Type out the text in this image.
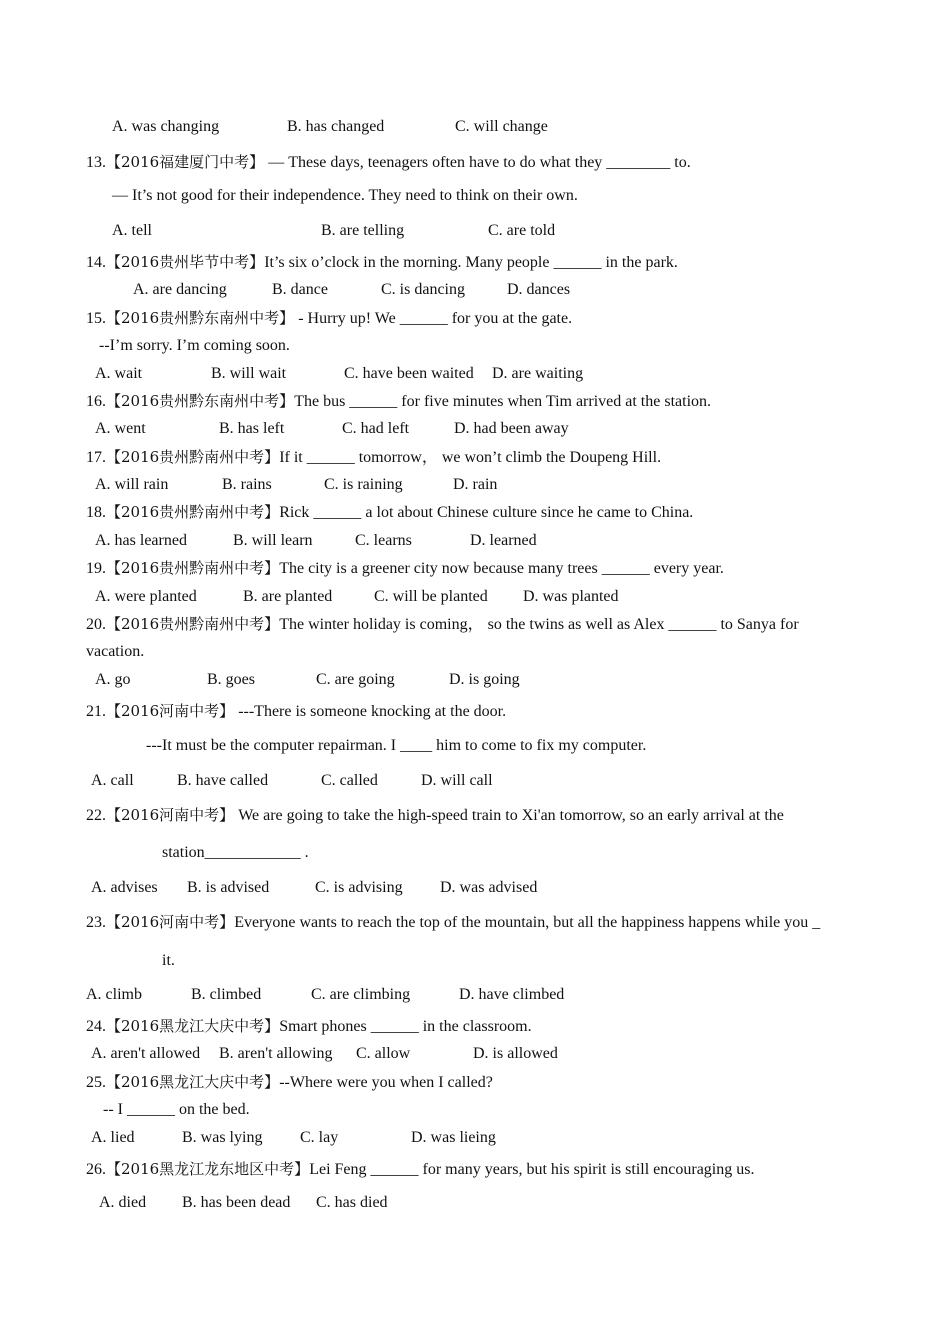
A. was changing	B. has changed	C. will change
13.【2016福建厦门中考】 — These days, teenagers often have to do what they ________ to.
— It’s not good for their independence. They need to think on their own.
A. tell	B. are telling	C. are told
14.【2016贵州毕节中考】It’s six o’clock in the morning. Many people ______ in the park.
A. are dancing	B. dance	C. is dancing	D. dances
15.【2016贵州黔东南州中考】 - Hurry up! We ______ for you at the gate.
--I’m sorry. I’m coming soon.
A. wait	B. will wait	C. have been waited D. are waiting
16.【2016贵州黔东南州中考】The bus ______ for five minutes when Tim arrived at the station.
A. went	B. has left	C. had left	D. had been away
17.【2016贵州黔南州中考】If it ______ tomorrow， we won’t climb the Doupeng Hill.
A. will rain	B. rains	C. is raining	D. rain
18.【2016贵州黔南州中考】Rick ______ a lot about Chinese culture since he came to China.
A. has learned	B. will learn	C. learns	D. learned
19.【2016贵州黔南州中考】The city is a greener city now because many trees ______ every year.
A. were planted	B. are planted	C. will be planted D. was planted
20.【2016贵州黔南州中考】The winter holiday is coming， so the twins as well as Alex ______ to Sanya for
vacation.
A. go	B. goes	C. are going	D. is going
21.【2016河南中考】 ---There is someone knocking at the door.
---It must be the computer repairman. I ____ him to come to fix my computer.
A. call	B. have called	C. called	D. will call
22.【2016河南中考】 We are going to take the high-speed train to Xi'an tomorrow, so an early arrival at the
station____________ .
A. advises B. is advised	C. is advising D. was advised
23.【2016河南中考】Everyone wants to reach the top of the mountain, but all the happiness happens while you _
it.
A. climb	B. climbed	C. are climbing	D. have climbed
24.【2016黑龙江大庆中考】Smart phones ______ in the classroom.
A. aren't allowed B. aren't allowing C. allow	D. is allowed
25.【2016黑龙江大庆中考】--Where were you when I called?
-- I ______ on the bed.
A. lied	B. was lying C. lay	D. was lieing
26.【2016黑龙江龙东地区中考】Lei Feng ______ for many years, but his spirit is still encouraging us.
A. died B. has been dead C. has died
